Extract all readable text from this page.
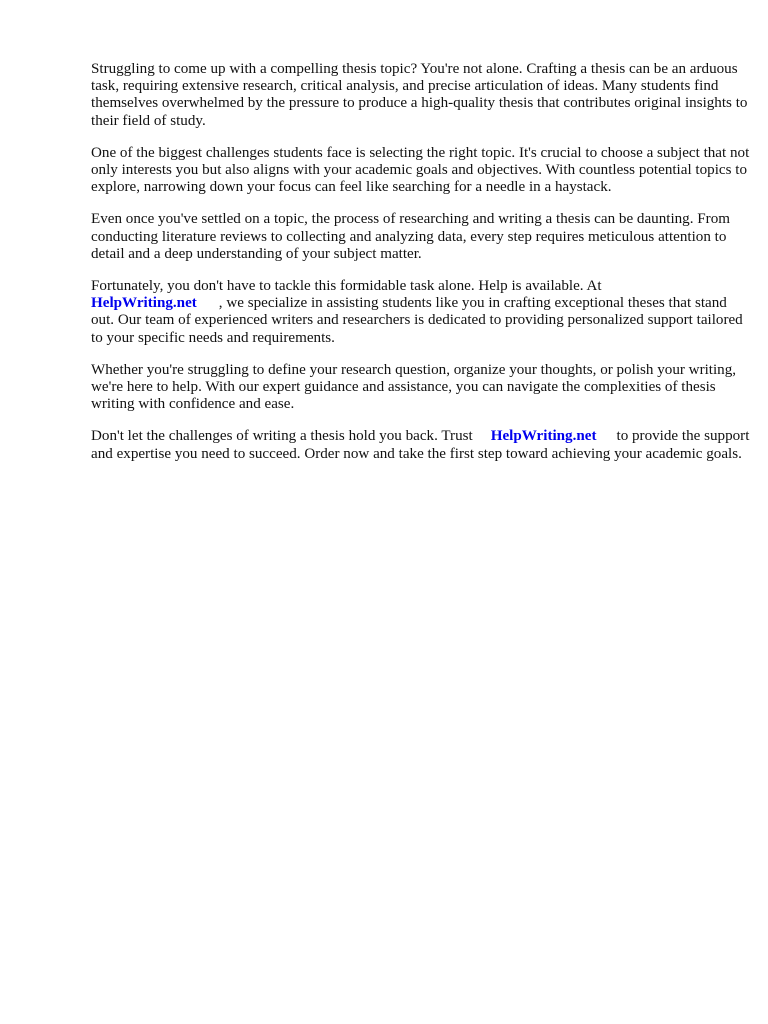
Struggling to come up with a compelling thesis topic? You're not alone. Crafting a thesis can be an arduous task, requiring extensive research, critical analysis, and precise articulation of ideas. Many students find themselves overwhelmed by the pressure to produce a high-quality thesis that contributes original insights to their field of study.

One of the biggest challenges students face is selecting the right topic. It's crucial to choose a subject that not only interests you but also aligns with your academic goals and objectives. With countless potential topics to explore, narrowing down your focus can feel like searching for a needle in a haystack.

Even once you've settled on a topic, the process of researching and writing a thesis can be daunting. From conducting literature reviews to collecting and analyzing data, every step requires meticulous attention to detail and a deep understanding of your subject matter.

Fortunately, you don't have to tackle this formidable task alone. Help is available. At
HelpWriting.net , we specialize in assisting students like you in crafting exceptional theses that stand out. Our team of experienced writers and researchers is dedicated to providing personalized support tailored to your specific needs and requirements.

Whether you're struggling to define your research question, organize your thoughts, or polish your writing, we're here to help. With our expert guidance and assistance, you can navigate the complexities of thesis writing with confidence and ease.

Don't let the challenges of writing a thesis hold you back. Trust HelpWriting.net to provide the support and expertise you need to succeed. Order now and take the first step toward achieving your academic goals.
